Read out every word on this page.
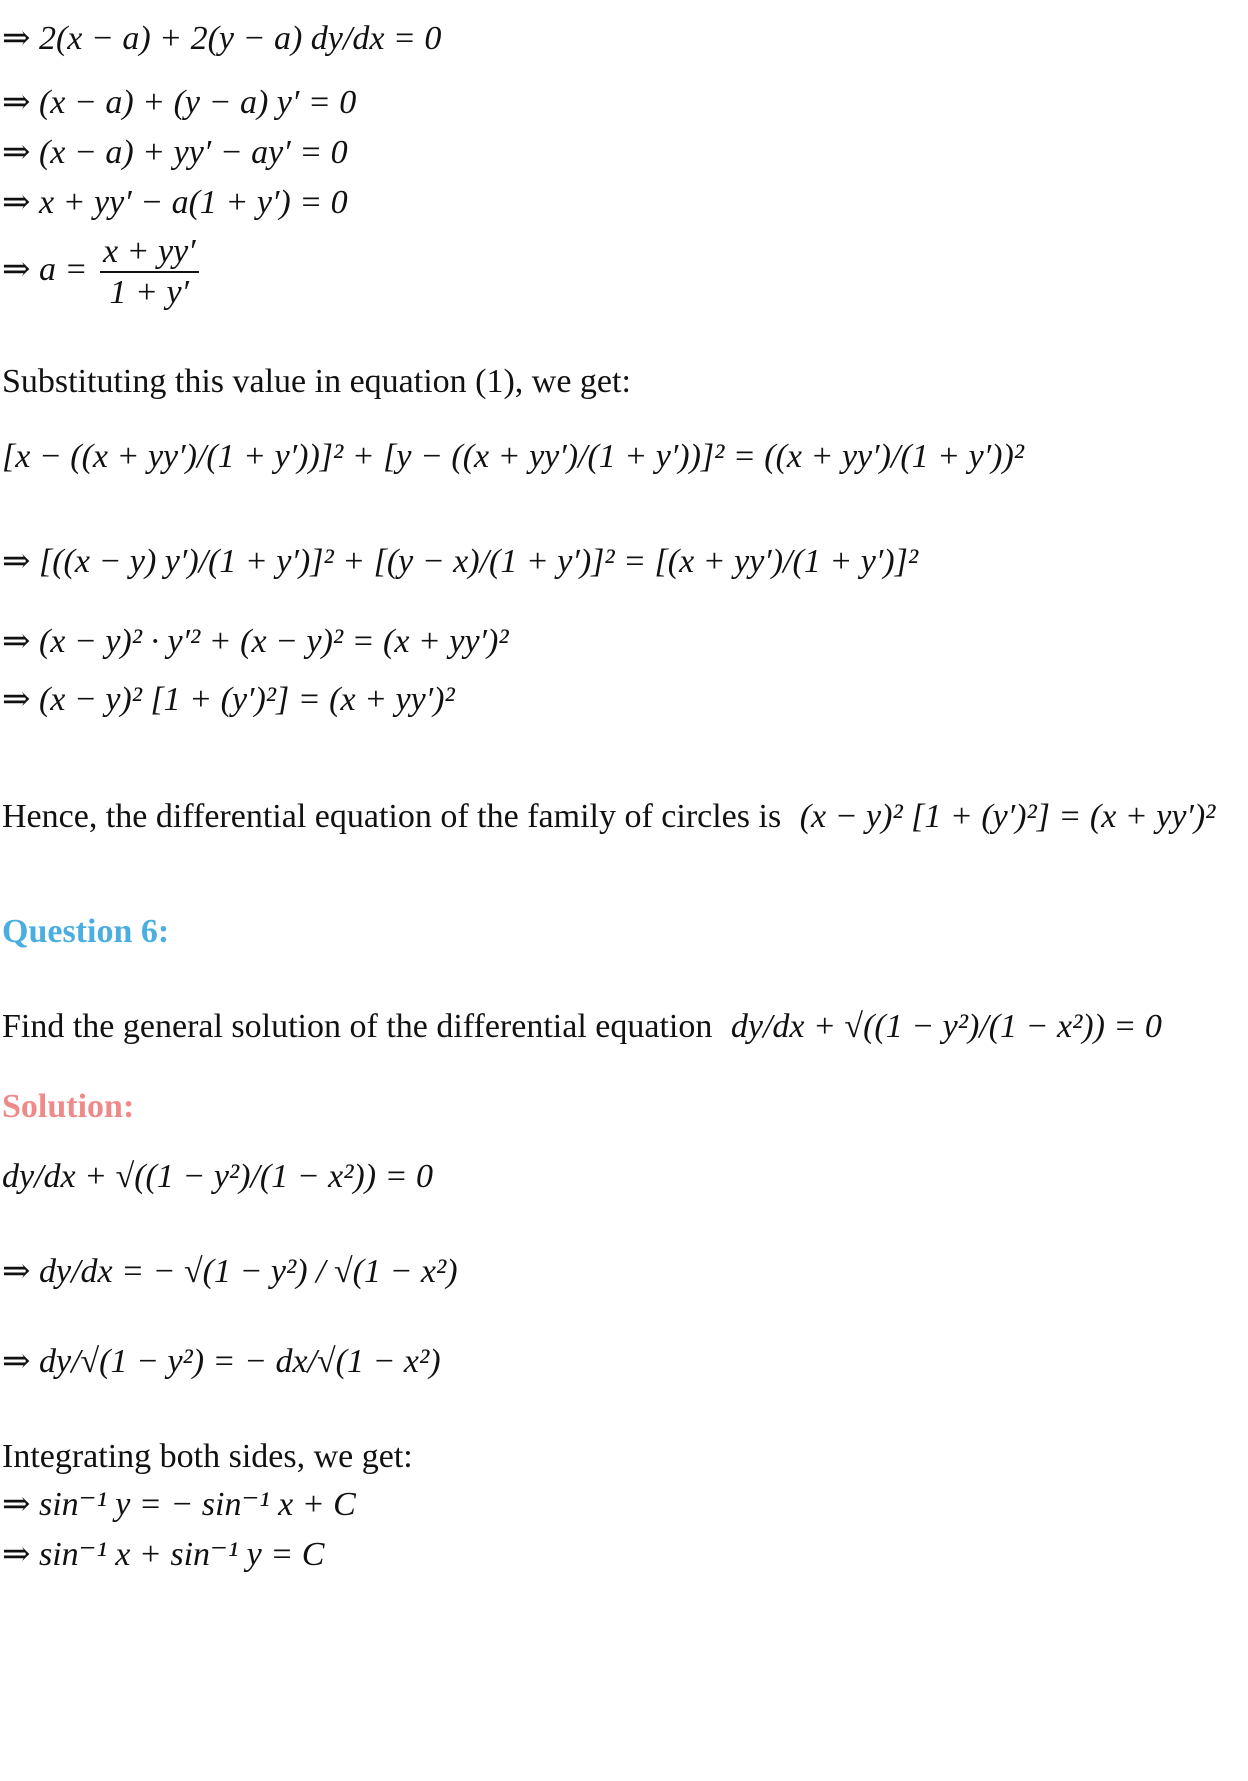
⇒ 2(x − a) + 2(y − a) dy/dx = 0
⇒ (x − a) + (y − a) y′ = 0
⇒ (x − a) + yy′ − ay′ = 0
⇒ x + yy′ − a(1 + y′) = 0
⇒ $a = \frac{x + yy'}{1 + y'}$
Substituting this value in equation (1), we get:
[x − ((x + yy′)/(1 + y′))]² + [y − ((x + yy′)/(1 + y′))]² = ((x + yy′)/(1 + y′))²
⇒ [((x − y) y′)/(1 + y′)]² + [(y − x)/(1 + y′)]² = [(x + yy′)/(1 + y′)]²
⇒ (x − y)² · y′² + (x − y)² = (x + yy′)²
⇒ (x − y)² [1 + (y′)²] = (x + yy′)²
Hence, the differential equation of the family of circles is (x − y)² [1 + (y′)²] = (x + yy′)²
Question 6:
Find the general solution of the differential equation dy/dx + √((1 − y²)/(1 − x²)) = 0
Solution:
dy/dx + √((1 − y²)/(1 − x²)) = 0
⇒ dy/dx = − √(1 − y²) / √(1 − x²)
⇒ dy/√(1 − y²) = − dx/√(1 − x²)
Integrating both sides, we get:
⇒ sin⁻¹ y = − sin⁻¹ x + C
⇒ sin⁻¹ x + sin⁻¹ y = C
